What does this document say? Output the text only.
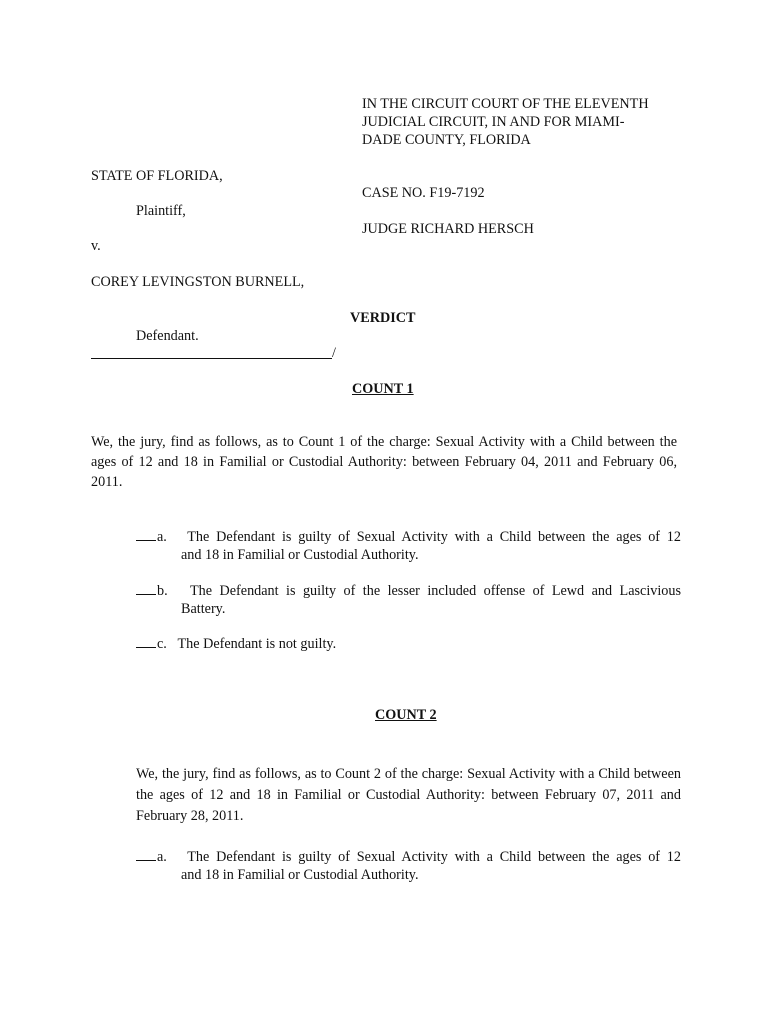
IN THE CIRCUIT COURT OF THE ELEVENTH
JUDICIAL CIRCUIT, IN AND FOR MIAMI-
DADE COUNTY, FLORIDA
STATE OF FLORIDA,
Plaintiff,
v.
COREY LEVINGSTON BURNELL,
Defendant.
/
CASE NO. F19-7192
JUDGE RICHARD HERSCH
VERDICT
COUNT 1
We, the jury, find as follows, as to Count 1 of the charge: Sexual Activity with a Child between the ages of 12 and 18 in Familial or Custodial Authority: between February 04, 2011 and February 06, 2011.
a. The Defendant is guilty of Sexual Activity with a Child between the ages of 12
and 18 in Familial or Custodial Authority.
b. The Defendant is guilty of the lesser included offense of Lewd and Lascivious
Battery.
c. The Defendant is not guilty.
COUNT 2
We, the jury, find as follows, as to Count 2 of the charge: Sexual Activity with a Child between the ages of 12 and 18 in Familial or Custodial Authority: between February 07, 2011 and February 28, 2011.
a. The Defendant is guilty of Sexual Activity with a Child between the ages of 12
and 18 in Familial or Custodial Authority.
